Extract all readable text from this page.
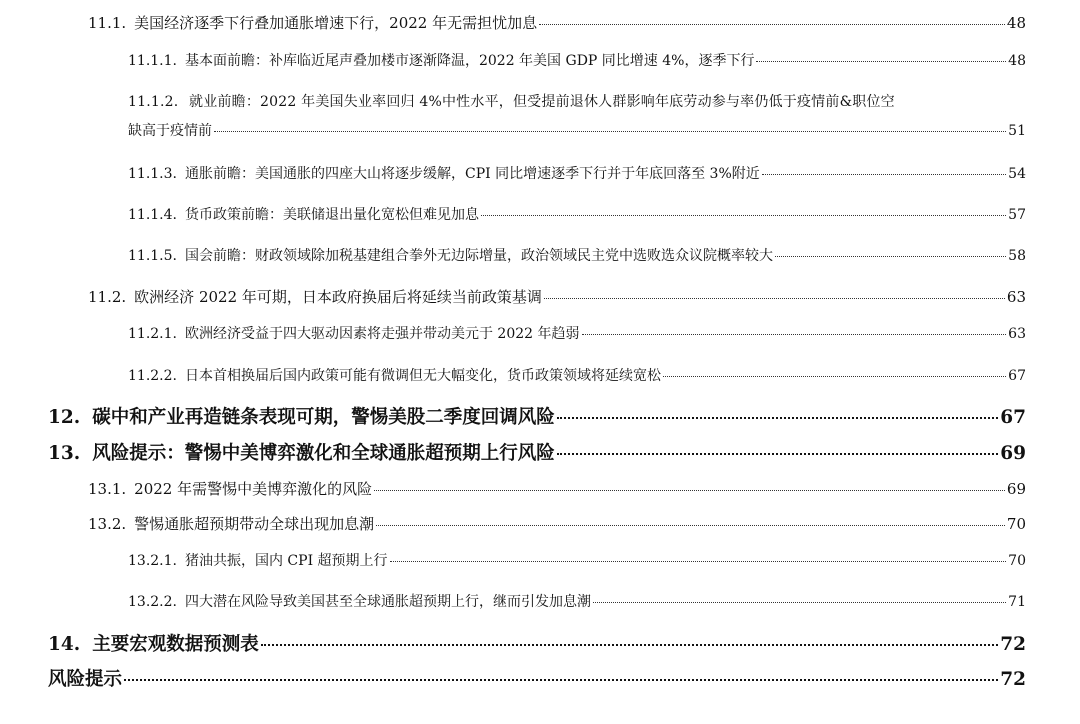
11.1. 美国经济逐季下行叠加通胀增速下行，2022 年无需担忧加息	48
11.1.1. 基本面前瞻：补库临近尾声叠加楼市逐渐降温，2022 年美国 GDP 同比增速 4%，逐季下行	48
11.1.2. 就业前瞻：2022 年美国失业率回归 4%中性水平，但受提前退休人群影响年底劳动参与率仍低于疫情前&职位空
缺高于疫情前	51
11.1.3. 通胀前瞻：美国通胀的四座大山将逐步缓解，CPI 同比增速逐季下行并于年底回落至 3%附近	54
11.1.4. 货币政策前瞻：美联储退出量化宽松但难见加息	57
11.1.5. 国会前瞻：财政领域除加税基建组合拳外无边际增量，政治领域民主党中选败选众议院概率较大	58
11.2. 欧洲经济 2022 年可期，日本政府换届后将延续当前政策基调	63
11.2.1. 欧洲经济受益于四大驱动因素将走强并带动美元于 2022 年趋弱	63
11.2.2. 日本首相换届后国内政策可能有微调但无大幅变化，货币政策领域将延续宽松	67
12. 碳中和产业再造链条表现可期，警惕美股二季度回调风险	67
13. 风险提示：警惕中美博弈激化和全球通胀超预期上行风险	69
13.1. 2022 年需警惕中美博弈激化的风险	69
13.2. 警惕通胀超预期带动全球出现加息潮	70
13.2.1. 猪油共振，国内 CPI 超预期上行	70
13.2.2. 四大潜在风险导致美国甚至全球通胀超预期上行，继而引发加息潮	71
14. 主要宏观数据预测表	72
风险提示	72
